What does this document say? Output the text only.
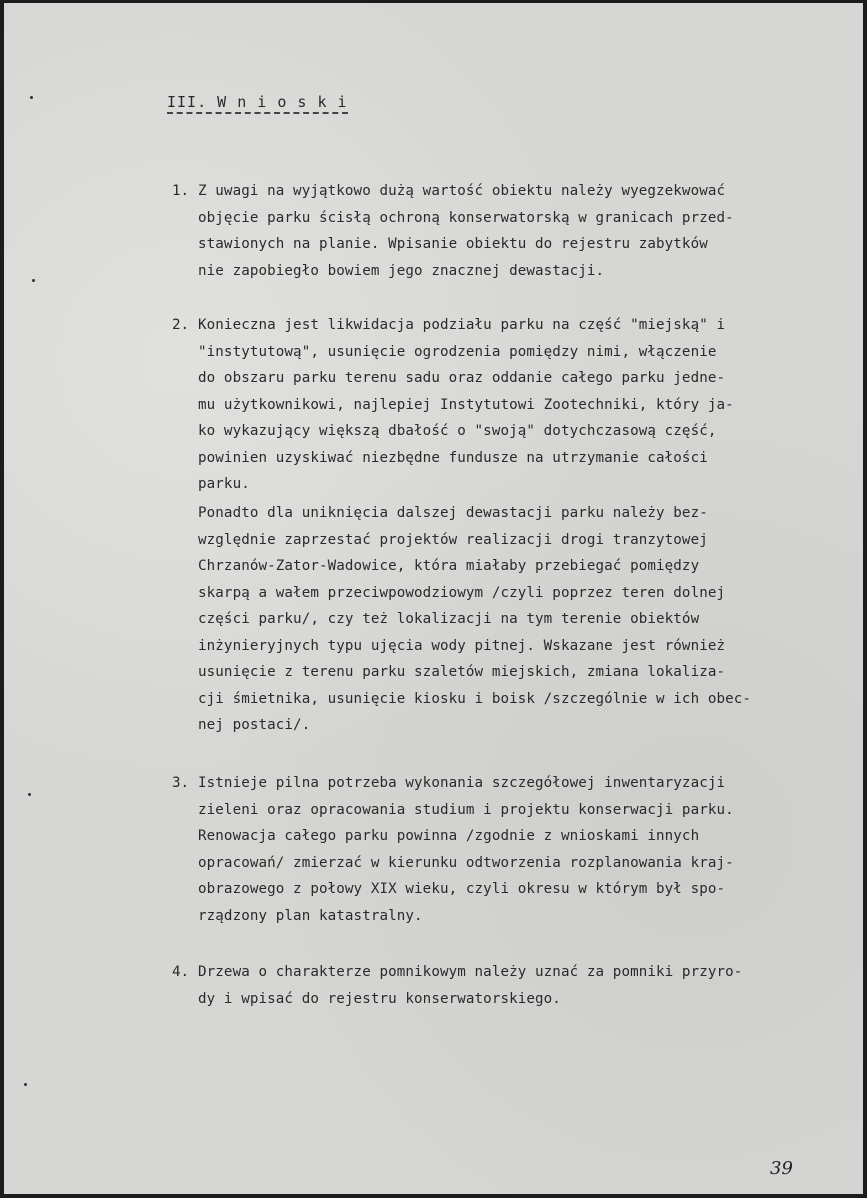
III. W n i o s k i
1. Z uwagi na wyjątkowo dużą wartość obiektu należy wyegzekwować
objęcie parku ścisłą ochroną konserwatorską w granicach przed-
stawionych na planie. Wpisanie obiektu do rejestru zabytków
nie zapobiegło bowiem jego znacznej dewastacji.
2. Konieczna jest likwidacja podziału parku na część "miejską" i
"instytutową", usunięcie ogrodzenia pomiędzy nimi, włączenie
do obszaru parku terenu sadu oraz oddanie całego parku jedne-
mu użytkownikowi, najlepiej Instytutowi Zootechniki, który ja-
ko wykazujący większą dbałość o "swoją" dotychczasową część,
powinien uzyskiwać niezbędne fundusze na utrzymanie całości
parku.
Ponadto dla uniknięcia dalszej dewastacji parku należy bez-
względnie zaprzestać projektów realizacji drogi tranzytowej
Chrzanów-Zator-Wadowice, która miałaby przebiegać pomiędzy
skarpą a wałem przeciwpowodziowym /czyli poprzez teren dolnej
części parku/, czy też lokalizacji na tym terenie obiektów
inżynieryjnych typu ujęcia wody pitnej. Wskazane jest również
usunięcie z terenu parku szaletów miejskich, zmiana lokaliza-
cji śmietnika, usunięcie kiosku i boisk /szczególnie w ich obec-
nej postaci/.
3. Istnieje pilna potrzeba wykonania szczegółowej inwentaryzacji
zieleni oraz opracowania studium i projektu konserwacji parku.
Renowacja całego parku powinna /zgodnie z wnioskami innych
opracowań/ zmierzać w kierunku odtworzenia rozplanowania kraj-
obrazowego z połowy XIX wieku, czyli okresu w którym był spo-
rządzony plan katastralny.
4. Drzewa o charakterze pomnikowym należy uznać za pomniki przyro-
dy i wpisać do rejestru konserwatorskiego.
39
